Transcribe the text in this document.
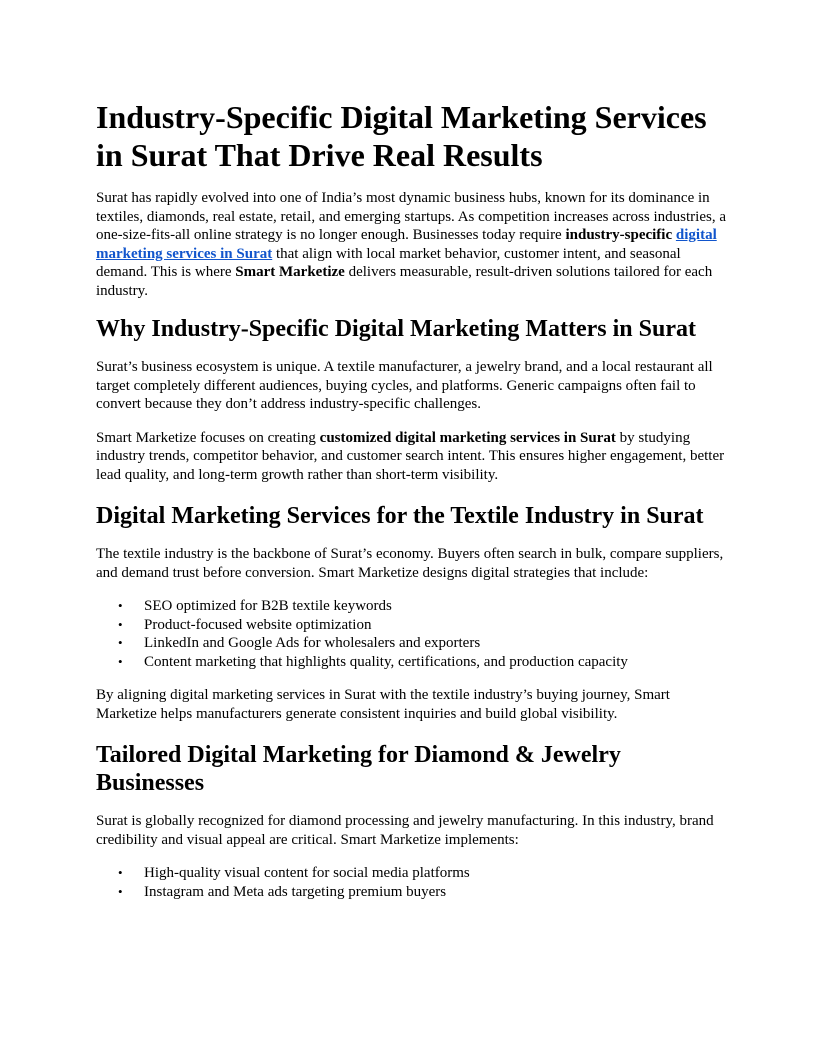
Industry-Specific Digital Marketing Services in Surat That Drive Real Results

Surat has rapidly evolved into one of India’s most dynamic business hubs, known for its dominance in textiles, diamonds, real estate, retail, and emerging startups. As competition increases across industries, a one-size-fits-all online strategy is no longer enough. Businesses today require industry-specific digital marketing services in Surat that align with local market behavior, customer intent, and seasonal demand. This is where Smart Marketize delivers measurable, result-driven solutions tailored for each industry.

Why Industry-Specific Digital Marketing Matters in Surat

Surat’s business ecosystem is unique. A textile manufacturer, a jewelry brand, and a local restaurant all target completely different audiences, buying cycles, and platforms. Generic campaigns often fail to convert because they don’t address industry-specific challenges.

Smart Marketize focuses on creating customized digital marketing services in Surat by studying industry trends, competitor behavior, and customer search intent. This ensures higher engagement, better lead quality, and long-term growth rather than short-term visibility.

Digital Marketing Services for the Textile Industry in Surat

The textile industry is the backbone of Surat’s economy. Buyers often search in bulk, compare suppliers, and demand trust before conversion. Smart Marketize designs digital strategies that include:

• SEO optimized for B2B textile keywords
• Product-focused website optimization
• LinkedIn and Google Ads for wholesalers and exporters
• Content marketing that highlights quality, certifications, and production capacity

By aligning digital marketing services in Surat with the textile industry’s buying journey, Smart Marketize helps manufacturers generate consistent inquiries and build global visibility.

Tailored Digital Marketing for Diamond & Jewelry Businesses

Surat is globally recognized for diamond processing and jewelry manufacturing. In this industry, brand credibility and visual appeal are critical. Smart Marketize implements:

• High-quality visual content for social media platforms
• Instagram and Meta ads targeting premium buyers
